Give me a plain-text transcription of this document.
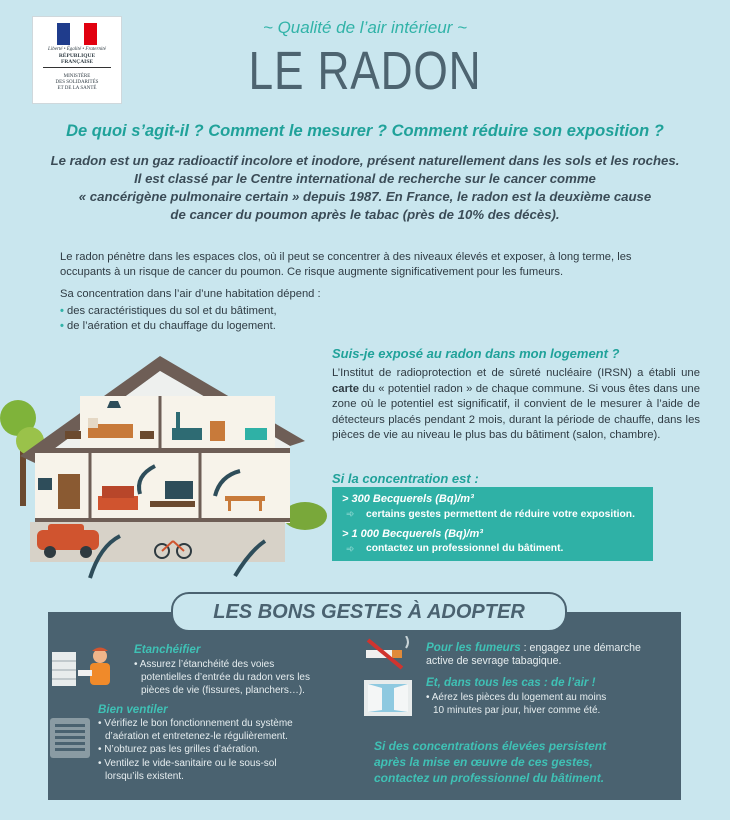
Liberté • Égalité • Fraternité
RÉPUBLIQUE FRANÇAISE
MINISTÈRE
DES SOLIDARITÉS
ET DE LA SANTÉ
~ Qualité de l’air intérieur ~
LE RADON
De quoi s’agit-il ? Comment le mesurer ? Comment réduire son exposition ?
Le radon est un gaz radioactif incolore et inodore, présent naturellement dans les sols et les roches.
Il est classé par le Centre international de recherche sur le cancer comme
« cancérigène pulmonaire certain » depuis 1987. En France, le radon est la deuxième cause
de cancer du poumon après le tabac (près de 10% des décès).

Le radon pénètre dans les espaces clos, où il peut se concentrer à des niveaux élevés et exposer, à long terme, les occupants à un risque de cancer du poumon. Ce risque augmente significativement pour les fumeurs.

Sa concentration dans l’air d’une habitation dépend :

• des caractéristiques du sol et du bâtiment,
• de l’aération et du chauffage du logement.
Suis-je exposé au radon dans mon logement ?
L’Institut de radioprotection et de sûreté nucléaire (IRSN) a établi une carte du « potentiel radon » de chaque commune. Si vous êtes dans une zone où le potentiel est significatif, il convient de le mesurer à l’aide de détecteurs placés pendant 2 mois, durant la période de chauffe, dans les pièces de vie au niveau le plus bas du bâtiment (salon, chambre).
Si la concentration est :
> 300 Becquerels (Bq)/m³
➾ certains gestes permettent de réduire votre exposition.
> 1 000 Becquerels (Bq)/m³
➾ contactez un professionnel du bâtiment.
LES BONS GESTES À ADOPTER
Etanchéifier
• Assurez l’étanchéité des voies
potentielles d’entrée du radon vers les
pièces de vie (fissures, planchers…).
Bien ventiler
• Vérifiez le bon fonctionnement du système
d’aération et entretenez-le régulièrement.
• N’obturez pas les grilles d’aération.
• Ventilez le vide-sanitaire ou le sous-sol
lorsqu’ils existent.
Pour les fumeurs : engagez une démarche
active de sevrage tabagique.
Et, dans tous les cas : de l’air !
• Aérez les pièces du logement au moins
10 minutes par jour, hiver comme été.
Si des concentrations élevées persistent
après la mise en œuvre de ces gestes,
contactez un professionnel du bâtiment.
